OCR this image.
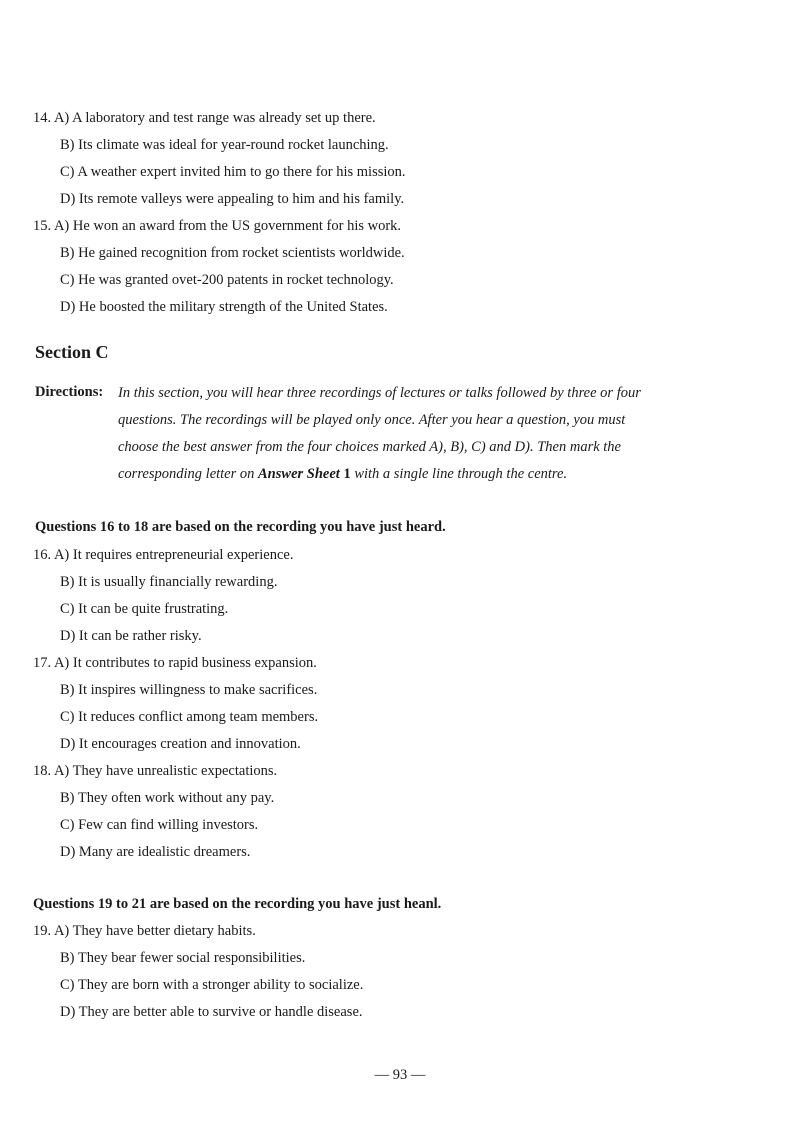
14. A) A laboratory and test range was already set up there.
B) Its climate was ideal for year-round rocket launching.
C) A weather expert invited him to go there for his mission.
D) Its remote valleys were appealing to him and his family.
15. A) He won an award from the US government for his work.
B) He gained recognition from rocket scientists worldwide.
C) He was granted ovet-200 patents in rocket technology.
D) He boosted the military strength of the United States.
Section C
Directions: In this section, you will hear three recordings of lectures or talks followed by three or four
questions. The recordings will be played only once. After you hear a question, you must
choose the best answer from the four choices marked A), B), C) and D). Then mark the
corresponding letter on Answer Sheet 1 with a single line through the centre.
Questions 16 to 18 are based on the recording you have just heard.
16. A) It requires entrepreneurial experience.
B) It is usually financially rewarding.
C) It can be quite frustrating.
D) It can be rather risky.
17. A) It contributes to rapid business expansion.
B) It inspires willingness to make sacrifices.
C) It reduces conflict among team members.
D) It encourages creation and innovation.
18. A) They have unrealistic expectations.
B) They often work without any pay.
C) Few can find willing investors.
D) Many are idealistic dreamers.
Questions 19 to 21 are based on the recording you have just heanl.
19. A) They have better dietary habits.
B) They bear fewer social responsibilities.
C) They are born with a stronger ability to socialize.
D) They are better able to survive or handle disease.
— 93 —
